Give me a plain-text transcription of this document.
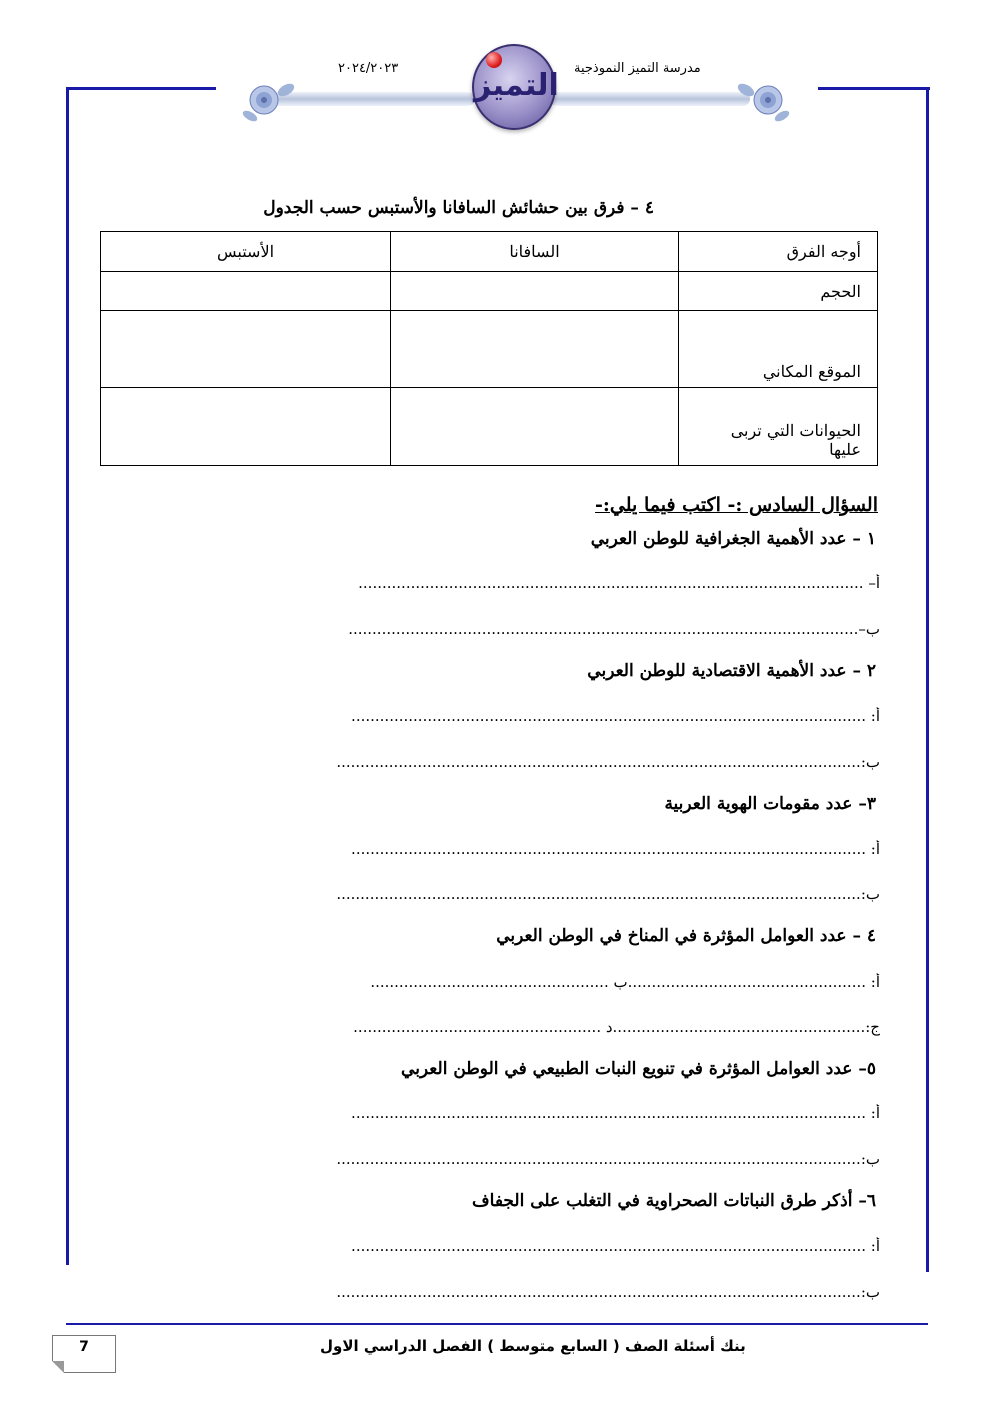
٢٠٢٤/٢٠٢٣	مدرسة التميز النموذجية
التميز
٤ – فرق بين حشائش السافانا والأستبس حسب الجدول
أوجه الفرق	السافانا	الأستبس
الحجم		
الموقع المكاني		
الحيوانات التي تربى عليها		
السؤال السادس :- اكتب فيما يلي:-
١ – عدد الأهمية الجغرافية للوطن العربي
أ– ..........................................................................................................
ب–...........................................................................................................
٢ – عدد الأهمية الاقتصادية للوطن العربي
أ: ............................................................................................................
ب:..............................................................................................................
٣– عدد مقومات الهوية العربية
أ: ............................................................................................................
ب:..............................................................................................................
٤ – عدد العوامل المؤثرة في المناخ في الوطن العربي
أ: ..................................................ب ..................................................
ج:.....................................................د ....................................................
٥– عدد العوامل المؤثرة في تنويع النبات الطبيعي في الوطن العربي
أ: ............................................................................................................
ب:..............................................................................................................
٦– أذكر طرق النباتات الصحراوية في التغلب على الجفاف
أ: ............................................................................................................
ب:..............................................................................................................
بنك أسئلة الصف ( السابع متوسط ) الفصل الدراسي الاول
7
